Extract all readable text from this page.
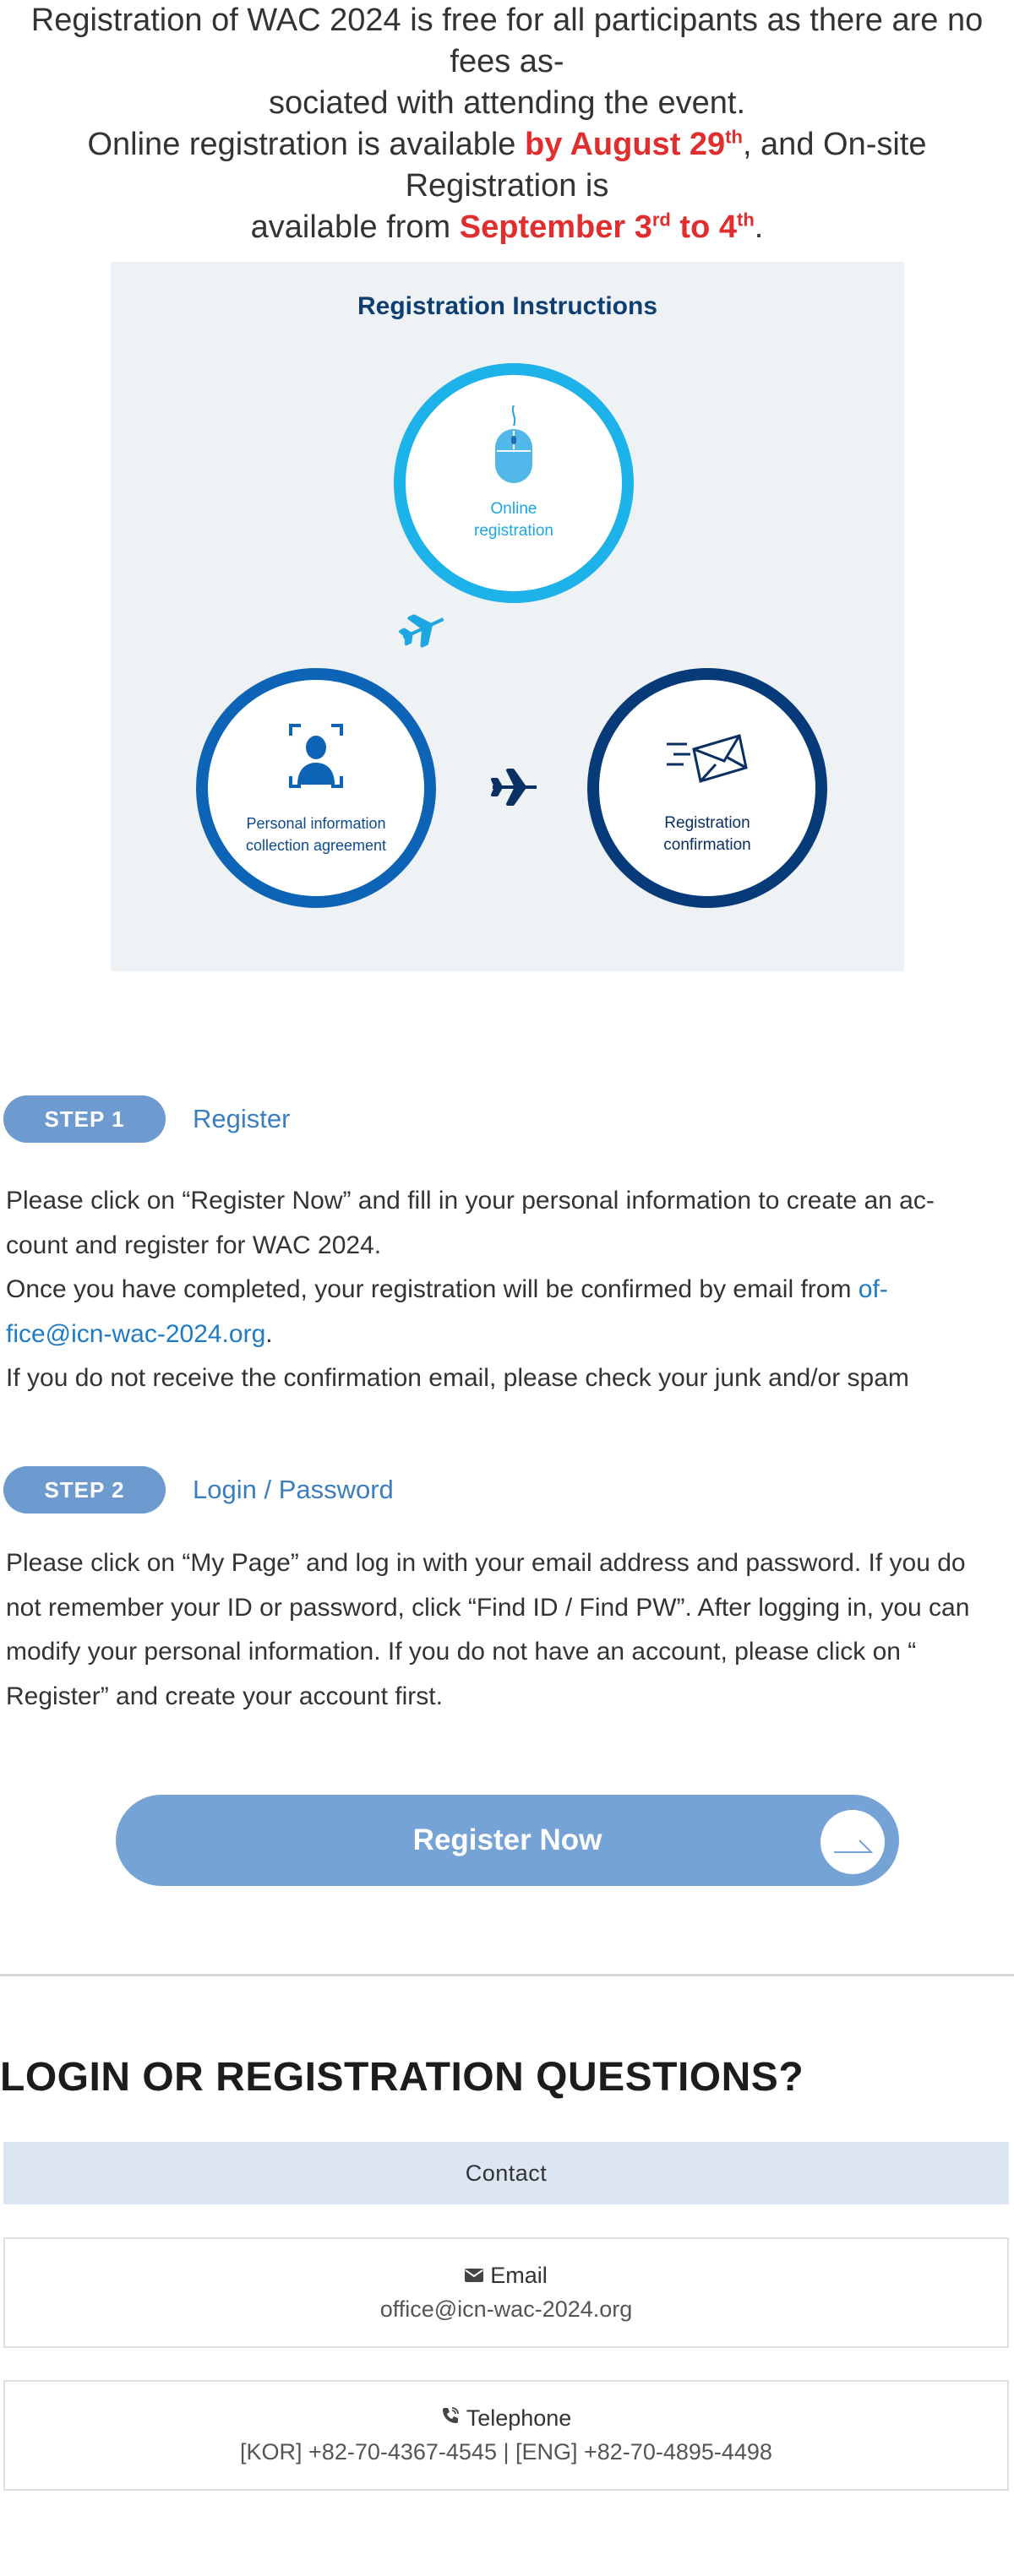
Registration of WAC 2024 is free for all participants as there are no fees as-
sociated with attending the event.
Online registration is available by August 29th, and On-site Registration is
available from September 3rd to 4th.
Registration Instructions
Online
registration
Personal information
collection agreement
Registration
confirmation
STEP 1	Register
Please click on “Register Now” and fill in your personal information to create an ac-
count and register for WAC 2024.
Once you have completed, your registration will be confirmed by email from of-
fice@icn-wac-2024.org.
If you do not receive the confirmation email, please check your junk and/or spam
STEP 2	Login / Password
Please click on “My Page” and log in with your email address and password. If you do
not remember your ID or password, click “Find ID / Find PW”. After logging in, you can
modify your personal information. If you do not have an account, please click on “
Register” and create your account first.
Register Now
LOGIN OR REGISTRATION QUESTIONS?
Contact
Email
office@icn-wac-2024.org
Telephone
[KOR] +82-70-4367-4545 | [ENG] +82-70-4895-4498
